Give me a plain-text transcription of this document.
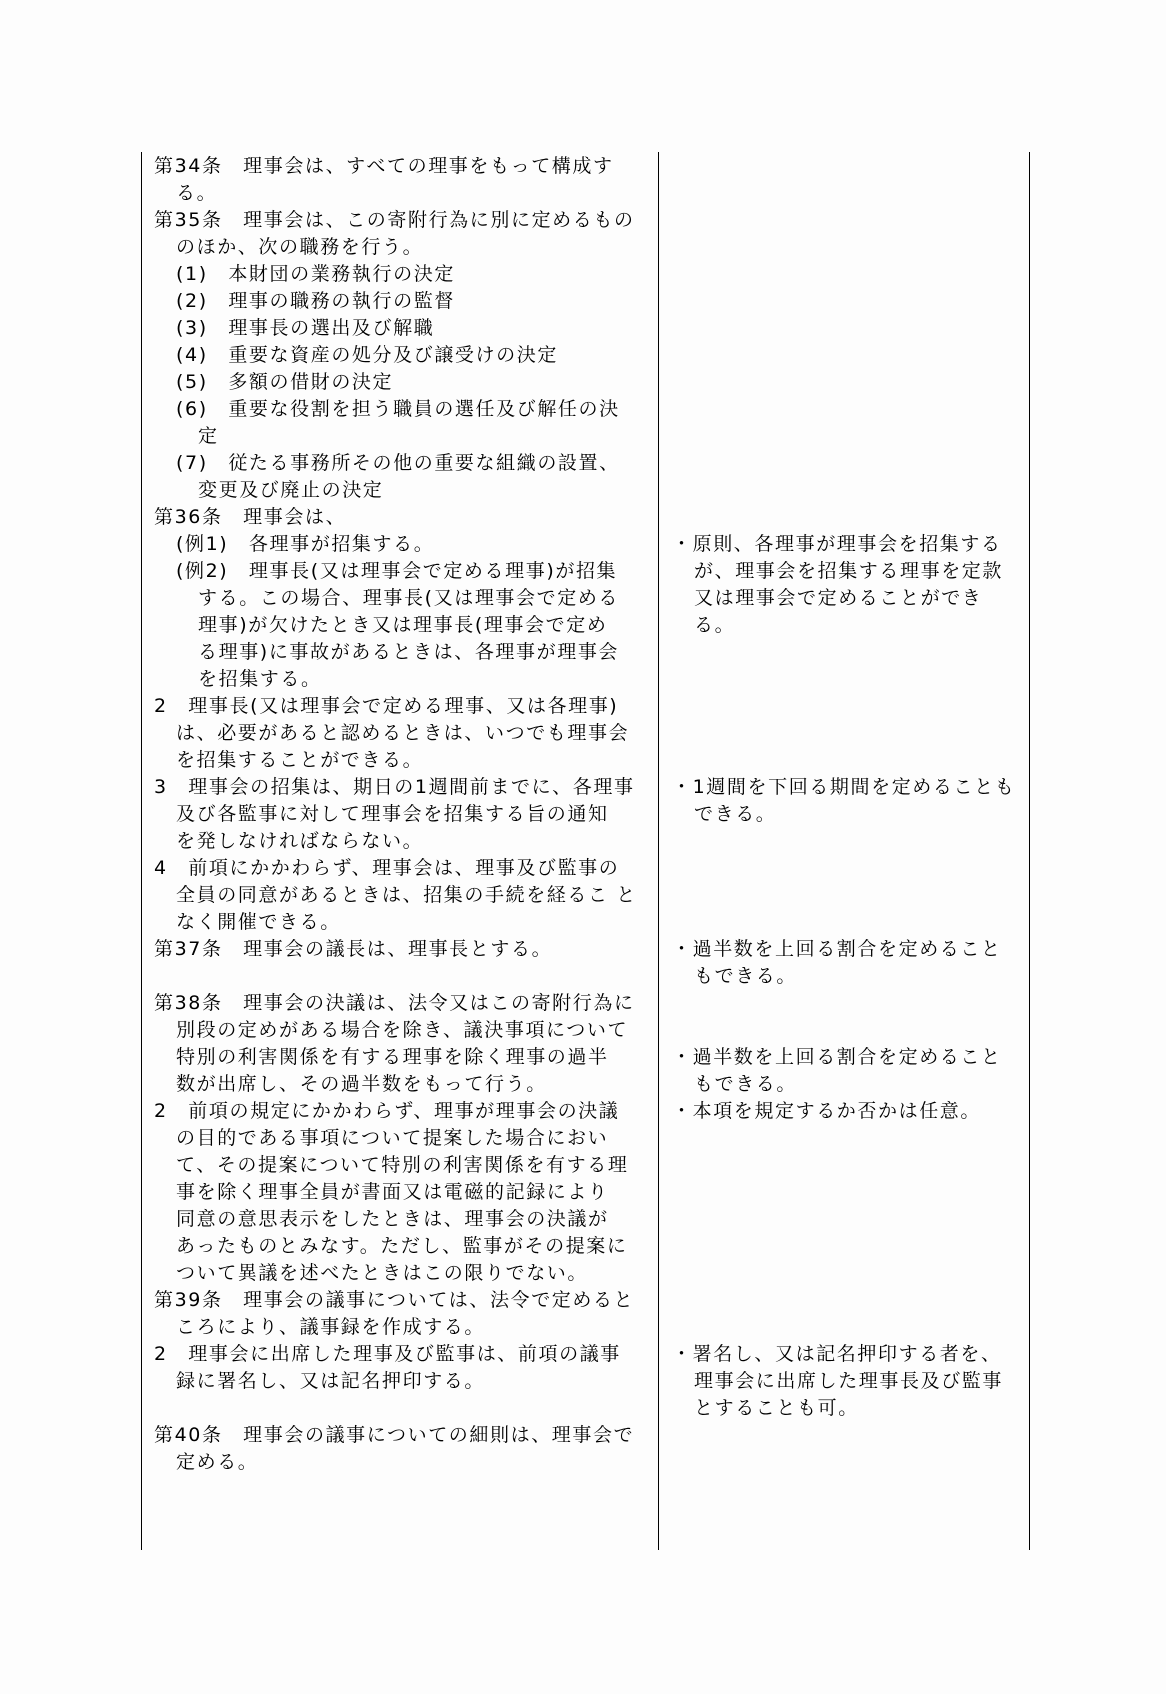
第34条　理事会は、すべての理事をもって構成す
る。
第35条　理事会は、この寄附行為に別に定めるもの
のほか、次の職務を行う。
(1)　本財団の業務執行の決定
(2)　理事の職務の執行の監督
(3)　理事長の選出及び解職
(4)　重要な資産の処分及び譲受けの決定
(5)　多額の借財の決定
(6)　重要な役割を担う職員の選任及び解任の決
定
(7)　従たる事務所その他の重要な組織の設置、
変更及び廃止の決定
第36条　理事会は、
(例1)　各理事が招集する。
(例2)　理事長(又は理事会で定める理事)が招集
する。この場合、理事長(又は理事会で定める
理事)が欠けたとき又は理事長(理事会で定め
る理事)に事故があるときは、各理事が理事会
を招集する。
2　理事長(又は理事会で定める理事、又は各理事)
は、必要があると認めるときは、いつでも理事会
を招集することができる。
3　理事会の招集は、期日の1週間前までに、各理事
及び各監事に対して理事会を招集する旨の通知
を発しなければならない。
4　前項にかかわらず、理事会は、理事及び監事の
全員の同意があるときは、招集の手続を経るこ と
なく開催できる。
第37条　理事会の議長は、理事長とする。
第38条　理事会の決議は、法令又はこの寄附行為に
別段の定めがある場合を除き、議決事項について
特別の利害関係を有する理事を除く理事の過半
数が出席し、その過半数をもって行う。
2　前項の規定にかかわらず、理事が理事会の決議
の目的である事項について提案した場合におい
て、その提案について特別の利害関係を有する理
事を除く理事全員が書面又は電磁的記録により
同意の意思表示をしたときは、理事会の決議が
あったものとみなす。ただし、監事がその提案に
ついて異議を述べたときはこの限りでない。
第39条　理事会の議事については、法令で定めると
ころにより、議事録を作成する。
2　理事会に出席した理事及び監事は、前項の議事
録に署名し、又は記名押印する。
第40条　理事会の議事についての細則は、理事会で
定める。
・原則、各理事が理事会を招集する
が、理事会を招集する理事を定款
又は理事会で定めることができ
る。
・1週間を下回る期間を定めることも
できる。
・過半数を上回る割合を定めること
もできる。
・過半数を上回る割合を定めること
もできる。
・本項を規定するか否かは任意。
・署名し、又は記名押印する者を、
理事会に出席した理事長及び監事
とすることも可。
